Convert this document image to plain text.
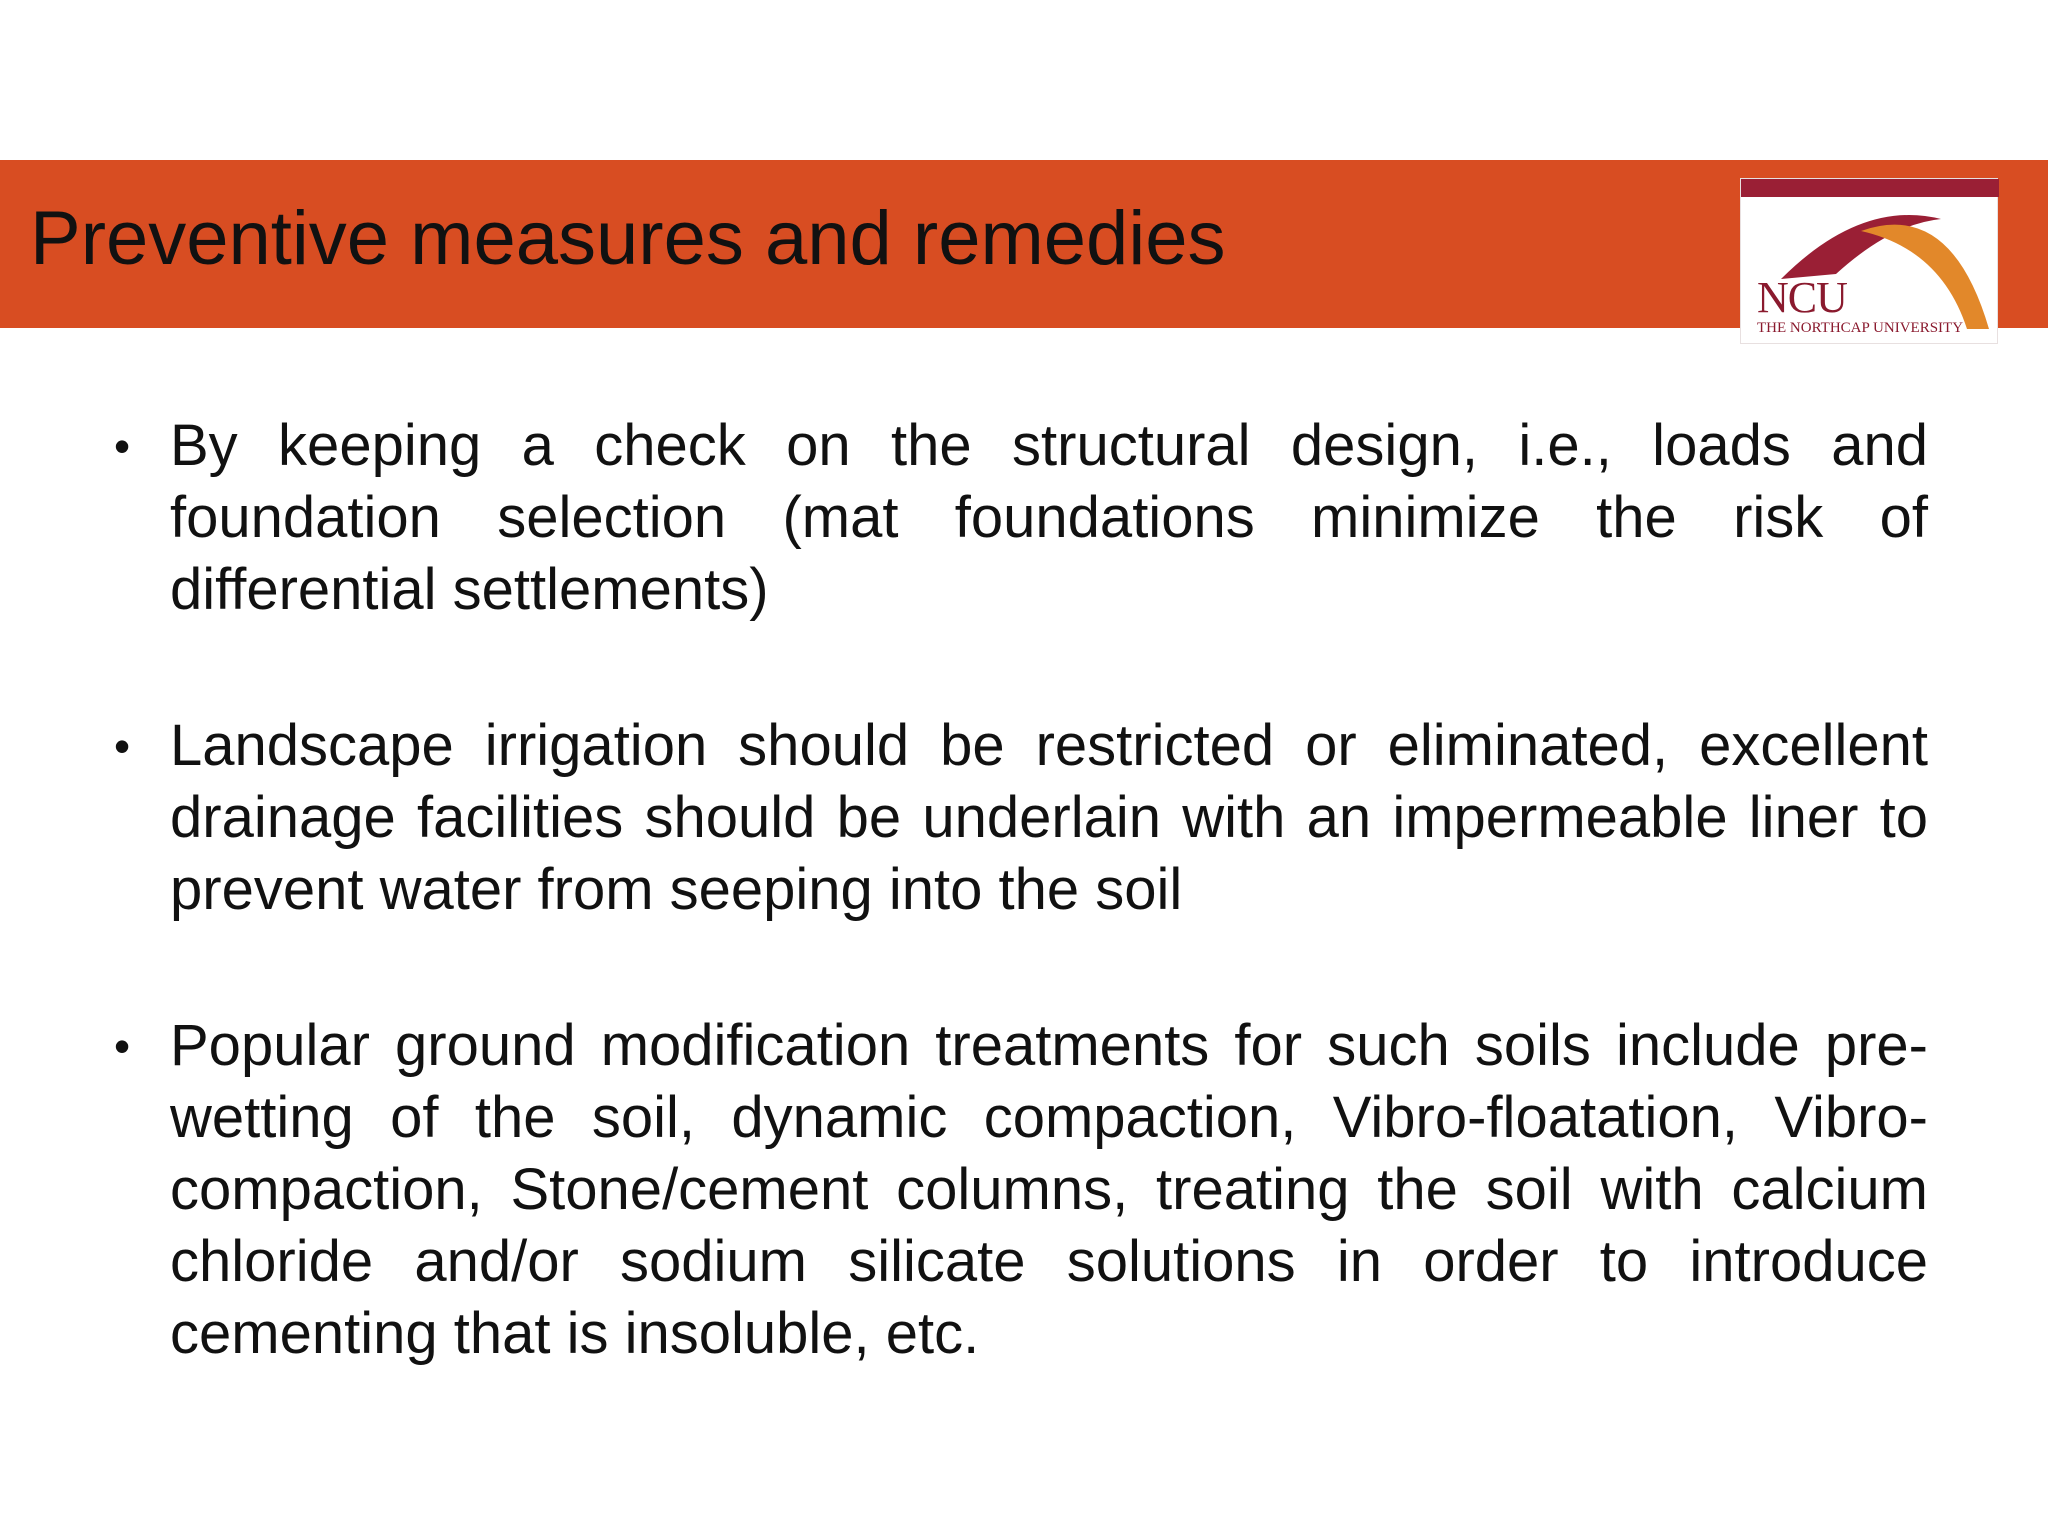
Preventive measures and remedies
NCU
THE NORTHCAP UNIVERSITY
• By keeping a check on the structural design, i.e., loads and foundation selection (mat foundations minimize the risk of differential settlements)
• Landscape irrigation should be restricted or eliminated, excellent drainage facilities should be underlain with an impermeable liner to prevent water from seeping into the soil
• Popular ground modification treatments for such soils include pre-wetting of the soil, dynamic compaction, Vibro-floatation, Vibro-compaction, Stone/cement columns, treating the soil with calcium chloride and/or sodium silicate solutions in order to introduce cementing that is insoluble, etc.
